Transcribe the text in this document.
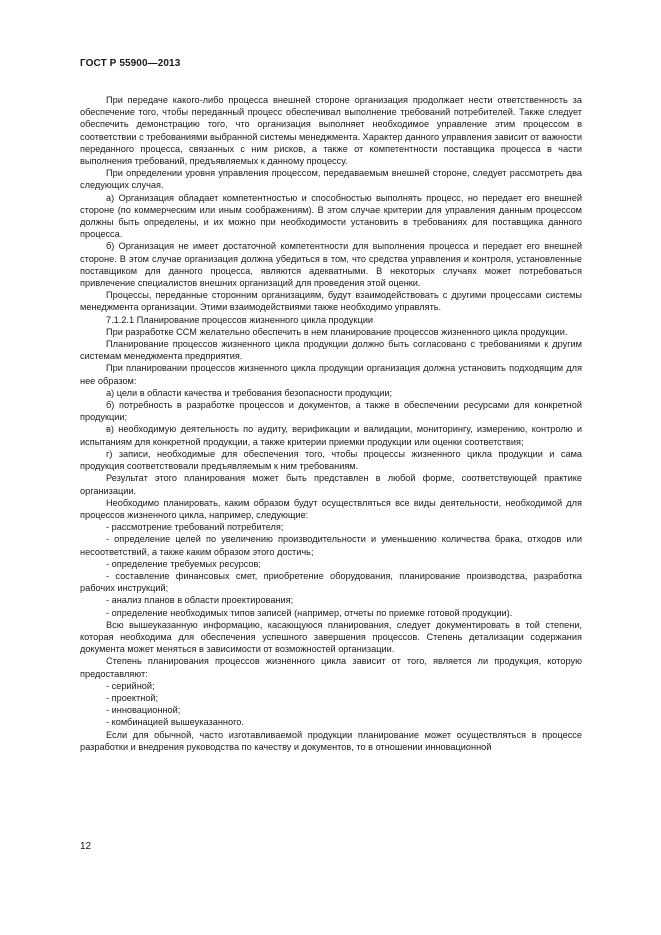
ГОСТ Р 55900—2013

При передаче какого-либо процесса внешней стороне организация продолжает нести ответственность за обеспечение того, чтобы переданный процесс обеспечивал выполнение требований потребителей. Также следует обеспечить демонстрацию того, что организация выполняет необходимое управление этим процессом в соответствии с требованиями выбранной системы менеджмента. Характер данного управления зависит от важности переданного процесса, связанных с ним рисков, а также от компетентности поставщика процесса в части выполнения требований, предъявляемых к данному процессу.

При определении уровня управления процессом, передаваемым внешней стороне, следует рассмотреть два следующих случая.

а) Организация обладает компетентностью и способностью выполнять процесс, но передает его внешней стороне (по коммерческим или иным соображениям). В этом случае критерии для управления данным процессом должны быть определены, и их можно при необходимости установить в требованиях для поставщика данного процесса.

б) Организация не имеет достаточной компетентности для выполнения процесса и передает его внешней стороне. В этом случае организация должна убедиться в том, что средства управления и контроля, установленные поставщиком для данного процесса, являются адекватными. В некоторых случаях может потребоваться привлечение специалистов внешних организаций для проведения этой оценки.

Процессы, переданные сторонним организациям, будут взаимодействовать с другими процессами системы менеджмента организации. Этими взаимодействиями также необходимо управлять.

7.1.2.1 Планирование процессов жизненного цикла продукции

При разработке ССМ желательно обеспечить в нем планирование процессов жизненного цикла продукции.

Планирование процессов жизненного цикла продукции должно быть согласовано с требованиями к другим системам менеджмента предприятия.

При планировании процессов жизненного цикла продукции организация должна установить подходящим для нее образом:

а) цели в области качества и требования безопасности продукции;

б) потребность в разработке процессов и документов, а также в обеспечении ресурсами для конкретной продукции;

в) необходимую деятельность по аудиту, верификации и валидации, мониторингу, измерению, контролю и испытаниям для конкретной продукции, а также критерии приемки продукции или оценки соответствия;

г) записи, необходимые для обеспечения того, чтобы процессы жизненного цикла продукции и сама продукция соответствовали предъявляемым к ним требованиям.

Результат этого планирования может быть представлен в любой форме, соответствующей практике организации.

Необходимо планировать, каким образом будут осуществляться все виды деятельности, необходимой для процессов жизненного цикла, например, следующие:

- рассмотрение требований потребителя;

- определение целей по увеличению производительности и уменьшению количества брака, отходов или несоответствий, а также каким образом этого достичь;

- определение требуемых ресурсов;

- составление финансовых смет, приобретение оборудования, планирование производства, разработка рабочих инструкций;

- анализ планов в области проектирования;

- определение необходимых типов записей (например, отчеты по приемке готовой продукции).

Всю вышеуказанную информацию, касающуюся планирования, следует документировать в той степени, которая необходима для обеспечения успешного завершения процессов. Степень детализации содержания документа может меняться в зависимости от возможностей организации.

Степень планирования процессов жизненного цикла зависит от того, является ли продукция, которую предоставляют:

- серийной;

- проектной;

- инновационной;

- комбинацией вышеуказанного.

Если для обычной, часто изготавливаемой продукции планирование может осуществляться в процессе разработки и внедрения руководства по качеству и документов, то в отношении инновационной

12
